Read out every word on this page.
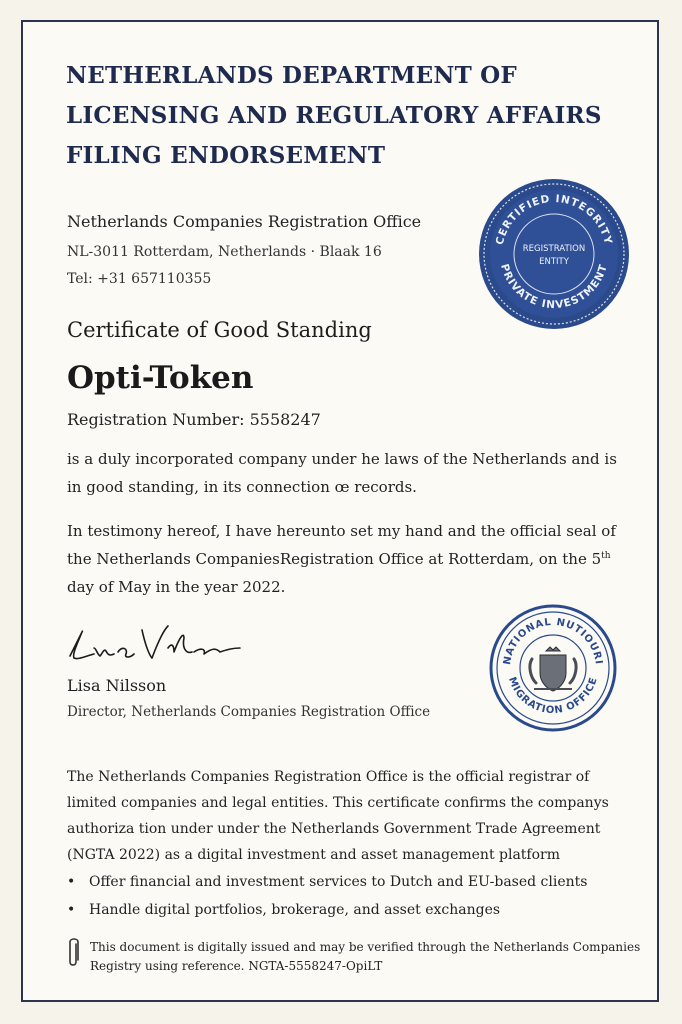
NETHERLANDS DEPARTMENT OF
LICENSING AND REGULATORY AFFAIRS
FILING ENDORSEMENT
Netherlands Companies Registration Office
NL-3011 Rotterdam, Netherlands · Blaak 16
Tel: +31 657110355
CERTIFIED INTEGRITY
PRIVATE INVESTMENT
REGISTRATION
ENTITY
Certificate of Good Standing
Opti-Token
Registration Number: 5558247
is a duly incorporated company under he laws of the Netherlands and is in good standing, in its connection œ records.
In testimony hereof, I have hereunto set my hand and the official seal of the Netherlands CompaniesRegistration Office at Rotterdam, on the 5th day of May in the year 2022.
Lisa Nilsson
Director, Netherlands Companies Registration Office
NATIONAL NUTIOURI
MIGRATION OFFICE
The Netherlands Companies Registration Office is the official registrar of limited companies and legal entities. This certificate confirms the companys authoriza tion under under the Netherlands Government Trade Agreement (NGTA 2022) as a digital investment and asset management platform
• Offer financial and investment services to Dutch and EU-based clients
• Handle digital portfolios, brokerage, and asset exchanges
This document is digitally issued and may be verified through the Netherlands Companies Registry using reference. NGTA-5558247-OpiLT
